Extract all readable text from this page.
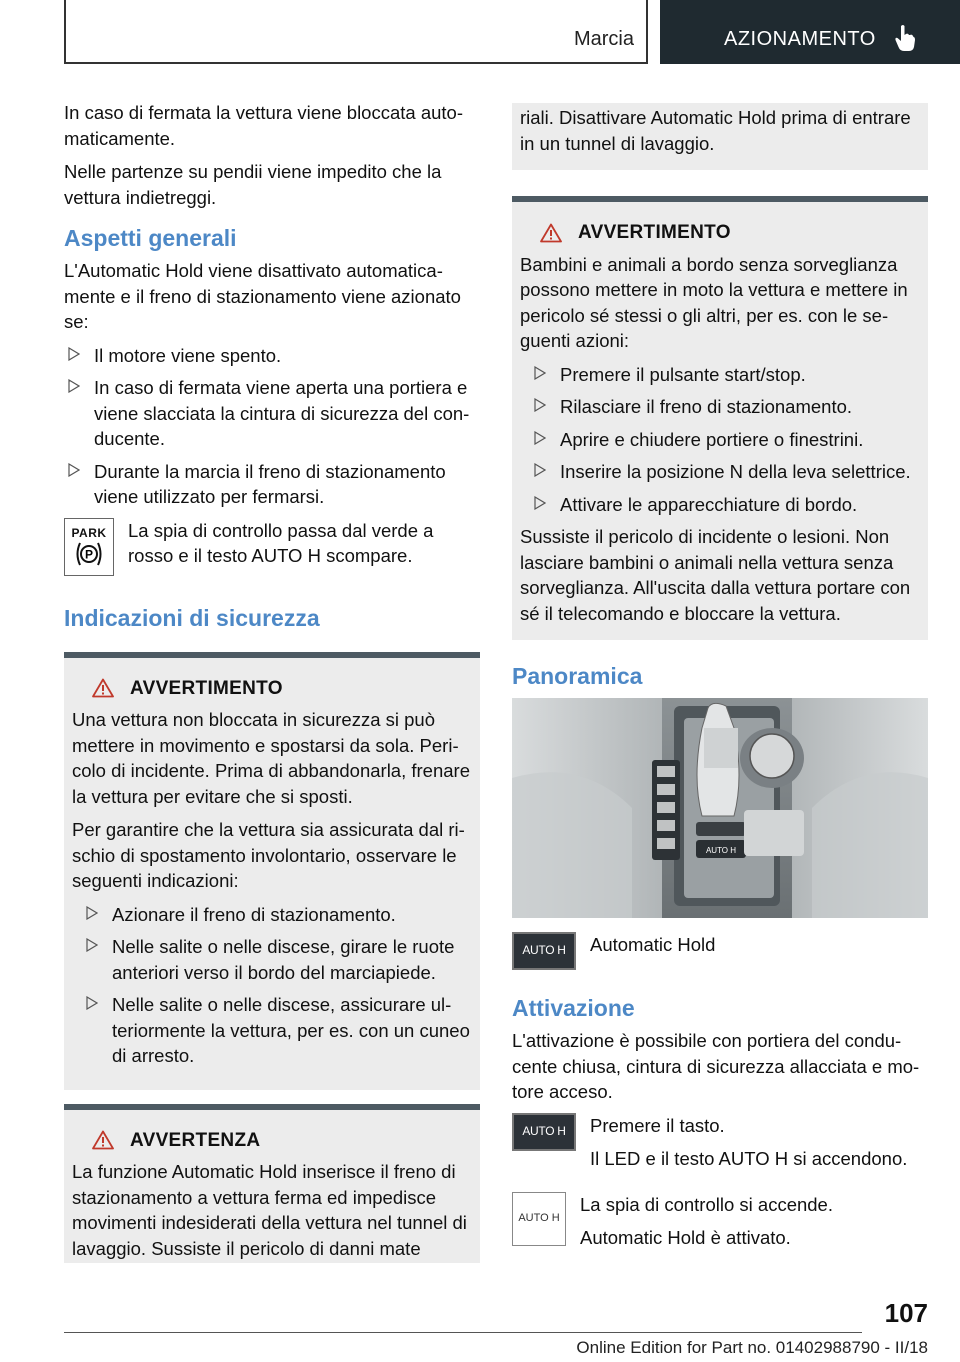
Marcia	AZIONAMENTO

In caso di fermata la vettura viene bloccata automaticamente.

Nelle partenze su pendii viene impedito che la vettura indietreggi.

Aspetti generali

L'Automatic Hold viene disattivato automaticamente e il freno di stazionamento viene azionato se:

Il motore viene spento.
In caso di fermata viene aperta una portiera e viene slacciata la cintura di sicurezza del conducente.
Durante la marcia il freno di stazionamento viene utilizzato per fermarsi.
PARK
P
La spia di controllo passa dal verde a rosso e il testo AUTO H scompare.
Indicazioni di sicurezza
AVVERTIMENTO

Una vettura non bloccata in sicurezza si può mettere in movimento e spostarsi da sola. Pericolo di incidente. Prima di abbandonarla, frenare la vettura per evitare che si sposti.

Per garantire che la vettura sia assicurata dal rischio di spostamento involontario, osservare le seguenti indicazioni:

Azionare il freno di stazionamento.
Nelle salite o nelle discese, girare le ruote anteriori verso il bordo del marciapiede.
Nelle salite o nelle discese, assicurare ulteriormente la vettura, per es. con un cuneo di arresto.
AVVERTENZA

La funzione Automatic Hold inserisce il freno di stazionamento a vettura ferma ed impedisce movimenti indesiderati della vettura nel tunnel di lavaggio. Sussiste il pericolo di danni mate

riali. Disattivare Automatic Hold prima di entrare in un tunnel di lavaggio.

AVVERTIMENTO

Bambini e animali a bordo senza sorveglianza possono mettere in moto la vettura e mettere in pericolo sé stessi o gli altri, per es. con le seguenti azioni:

Premere il pulsante start/stop.
Rilasciare il freno di stazionamento.
Aprire e chiudere portiere o finestrini.
Inserire la posizione N della leva selettrice.
Attivare le apparecchiature di bordo.

Sussiste il pericolo di incidente o lesioni. Non lasciare bambini o animali nella vettura senza sorveglianza. All'uscita dalla vettura portare con sé il telecomando e bloccare la vettura.

Panoramica
AUTO H
AUTO H	Automatic Hold
Attivazione

L'attivazione è possibile con portiera del conducente chiusa, cintura di sicurezza allacciata e motore acceso.

AUTO H	Premere il tasto.

Il LED e il testo AUTO H si accendono.

AUTO H

La spia di controllo si accende.

Automatic Hold è attivato.

107
Online Edition for Part no. 01402988790 - II/18
